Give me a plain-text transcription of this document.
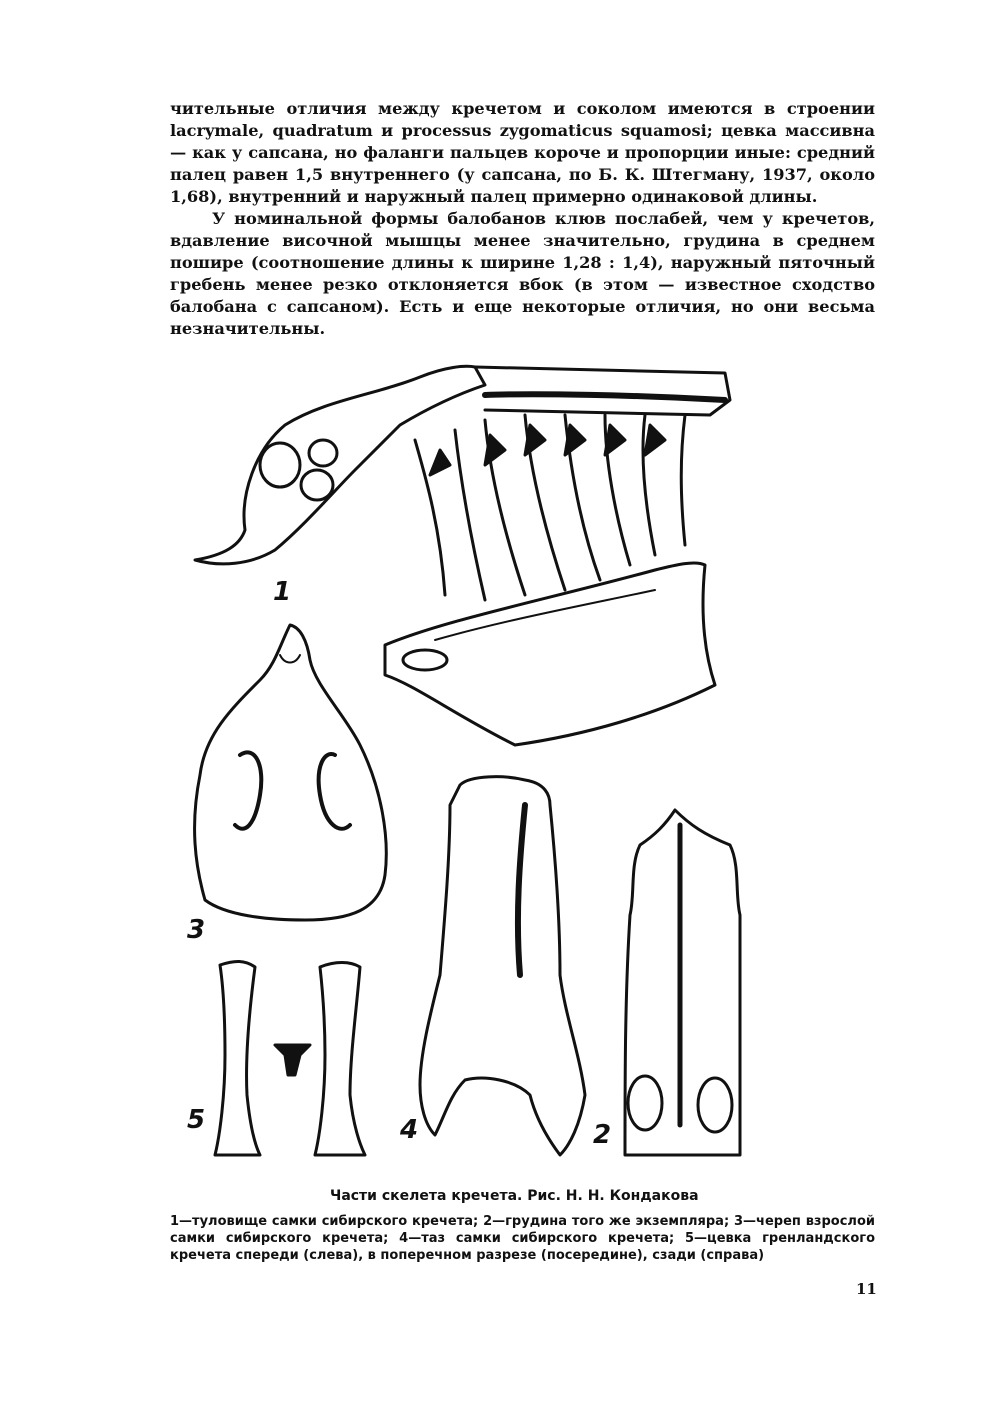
чительные отличия между кречетом и соколом имеются в строении lacrymale, quadratum и processus zygomaticus squamosi; цевка массивна — как у сапсана, но фаланги пальцев короче и пропорции иные: средний палец равен 1,5 внутреннего (у сапсана, по Б. К. Штегману, 1937, около 1,68), внутренний и наружный палец примерно одинаковой длины.

У номинальной формы балобанов клюв послабей, чем у кречетов, вдавление височной мышцы менее значительно, грудина в среднем пошире (соотношение длины к ширине 1,28 : 1,4), наружный пяточный гребень менее резко отклоняется вбок (в этом — известное сходство балобана с сапсаном). Есть и еще некоторые отличия, но они весьма незначительны.

1
3
5	4	2
Части скелета кречета. Рис. Н. Н. Кондакова
1—туловище самки сибирского кречета; 2—грудина того же экземпляра; 3—череп взрослой самки сибирского кречета; 4—таз самки сибирского кречета; 5—цевка гренландского кречета спереди (слева), в поперечном разрезе (посередине), сзади (справа)
11
